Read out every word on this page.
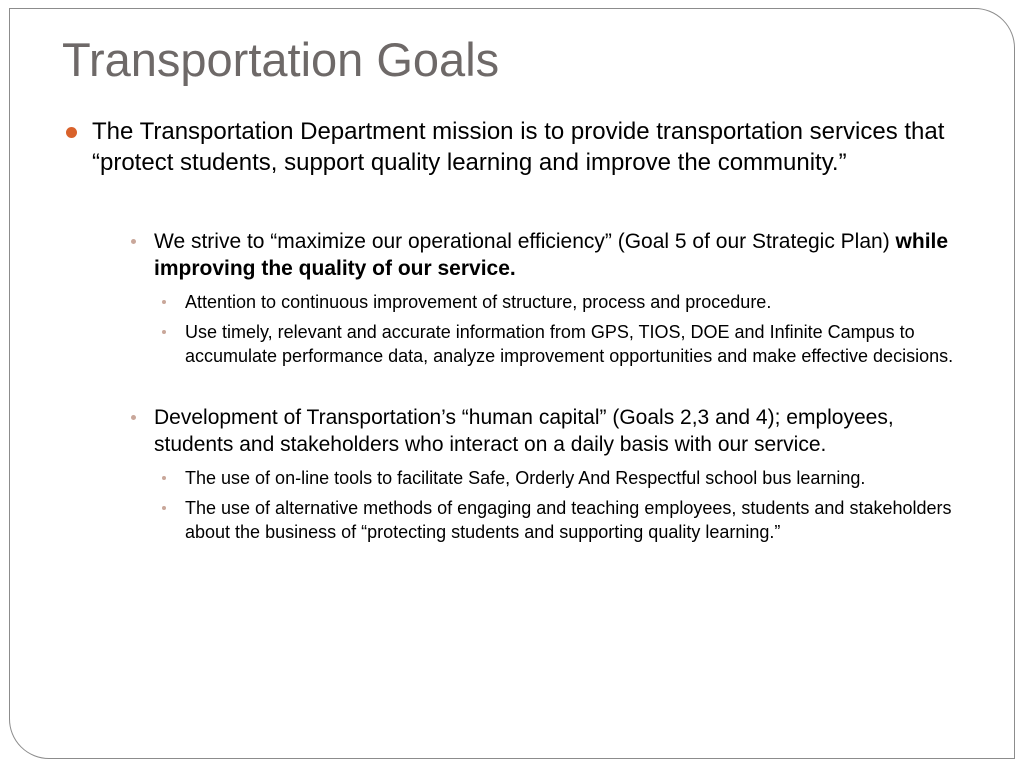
Transportation Goals
The Transportation Department mission is to provide transportation services that “protect students, support quality learning and improve the community.”
We strive to “maximize our operational efficiency” (Goal 5 of our Strategic Plan) while improving the quality of our service.
Attention to continuous improvement of structure, process and procedure.
Use timely, relevant and accurate information from GPS, TIOS, DOE and Infinite Campus to accumulate performance data, analyze improvement opportunities and make effective decisions.
Development of Transportation’s “human capital” (Goals 2,3 and 4); employees, students and stakeholders who interact on a daily basis with our service.
The use of on-line tools to facilitate Safe, Orderly And Respectful school bus learning.
The use of alternative methods of engaging and teaching employees, students and stakeholders about the business of “protecting students and supporting quality learning.”
